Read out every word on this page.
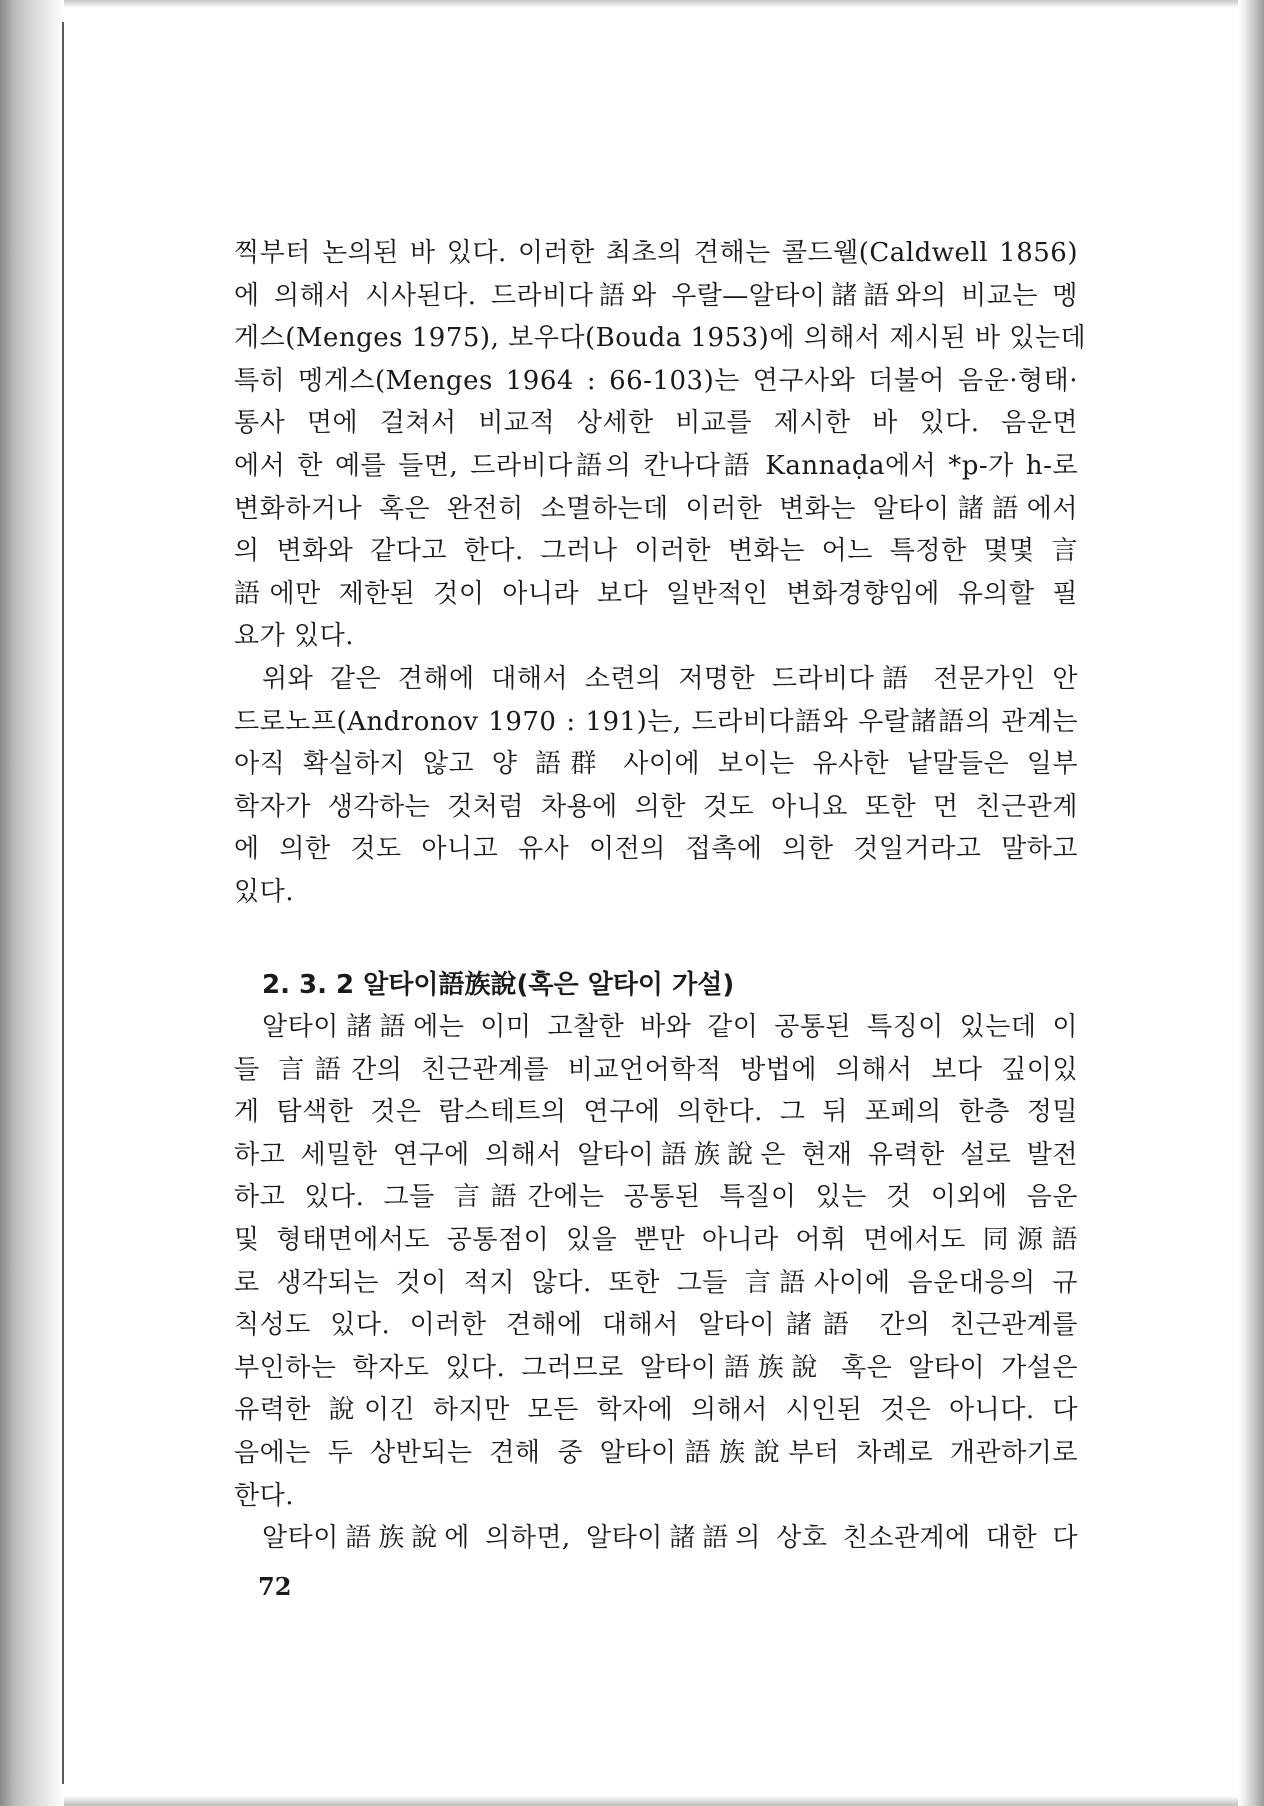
찍부터 논의된 바 있다. 이러한 최초의 견해는 콜드웰(Caldwell 1856)
에 의해서 시사된다. 드라비다語와 우랄—알타이諸語와의 비교는 멩
게스(Menges 1975), 보우다(Bouda 1953)에 의해서 제시된 바 있는데
특히 멩게스(Menges 1964 : 66-103)는 연구사와 더불어 음운·형태·
통사 면에 걸쳐서 비교적 상세한 비교를 제시한 바 있다. 음운면
에서 한 예를 들면, 드라비다語의 칸나다語 Kannaḍa에서 *p-가 h-로
변화하거나 혹은 완전히 소멸하는데 이러한 변화는 알타이諸語에서
의 변화와 같다고 한다. 그러나 이러한 변화는 어느 특정한 몇몇 言
語에만 제한된 것이 아니라 보다 일반적인 변화경향임에 유의할 필
요가 있다.
위와 같은 견해에 대해서 소련의 저명한 드라비다語 전문가인 안
드로노프(Andronov 1970 : 191)는, 드라비다語와 우랄諸語의 관계는
아직 확실하지 않고 양 語群 사이에 보이는 유사한 낱말들은 일부
학자가 생각하는 것처럼 차용에 의한 것도 아니요 또한 먼 친근관계
에 의한 것도 아니고 유사 이전의 접촉에 의한 것일거라고 말하고
있다.
2. 3. 2 알타이語族說(혹은 알타이 가설)
알타이諸語에는 이미 고찰한 바와 같이 공통된 특징이 있는데 이
들 言語간의 친근관계를 비교언어학적 방법에 의해서 보다 깊이있
게 탐색한 것은 람스테트의 연구에 의한다. 그 뒤 포페의 한층 정밀
하고 세밀한 연구에 의해서 알타이語族說은 현재 유력한 설로 발전
하고 있다. 그들 言語간에는 공통된 특질이 있는 것 이외에 음운
및 형태면에서도 공통점이 있을 뿐만 아니라 어휘 면에서도 同源語
로 생각되는 것이 적지 않다. 또한 그들 言語사이에 음운대응의 규
칙성도 있다. 이러한 견해에 대해서 알타이諸語 간의 친근관계를
부인하는 학자도 있다. 그러므로 알타이語族說 혹은 알타이 가설은
유력한 說이긴 하지만 모든 학자에 의해서 시인된 것은 아니다. 다
음에는 두 상반되는 견해 중 알타이語族說부터 차례로 개관하기로
한다.
알타이語族說에 의하면, 알타이諸語의 상호 친소관계에 대한 다
72
